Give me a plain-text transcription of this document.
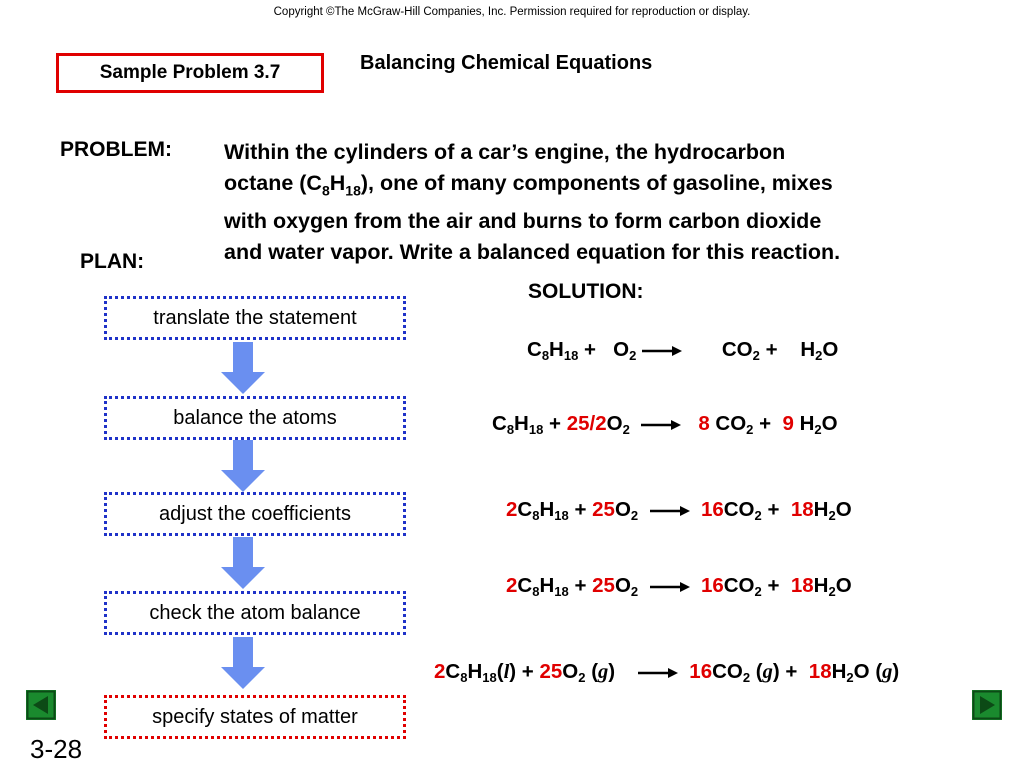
Copyright ©The McGraw-Hill Companies, Inc. Permission required for reproduction or display.
Sample Problem 3.7	Balancing Chemical Equations
PROBLEM: Within the cylinders of a car’s engine, the hydrocarbon
octane $(C_8H_{18})$, one of many components of gasoline, mixes
with oxygen from the air and burns to form carbon dioxide
and water vapor. Write a balanced equation for this reaction.
PLAN:
SOLUTION:
translate the statement
balance the atoms
adjust the coefficients
check the atom balance
specify states of matter
$C_8H_{18} + O_2 \to CO_2 + H_2O$
$C_8H_{18} + 25/2O_2 \to 8$ $CO_2 + 9$ $H_2O$
$2C_8H_{18} + 25O_2 \to 16CO_2 + 18H_2O$
$2C_8H_{18} + 25O_2 \to 16CO_2 + 18H_2O$
$2C_8H_{18}(l) + 25O_2$ $(g) \to 16CO_2$ $(g) + 18H_2O$ (g)
3-28
